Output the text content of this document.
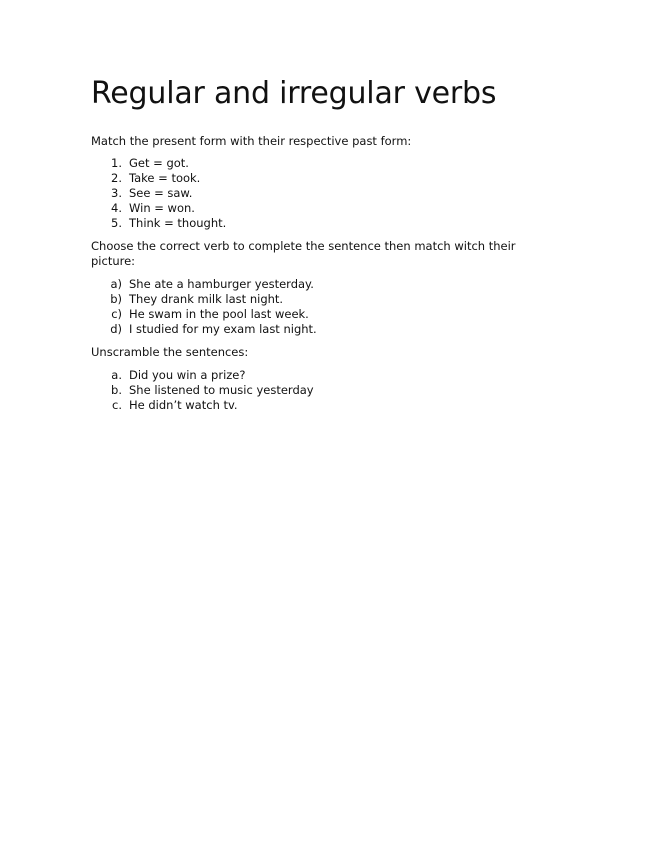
Regular and irregular verbs

Match the present form with their respective past form:

1. Get = got.
2. Take = took.
3. See = saw.
4. Win = won.
5. Think = thought.

Choose the correct verb to complete the sentence then match witch their picture:

a) She ate a hamburger yesterday.
b) They drank milk last night.
c) He swam in the pool last week.
d) I studied for my exam last night.

Unscramble the sentences:

a. Did you win a prize?
b. She listened to music yesterday
c. He didn’t watch tv.
